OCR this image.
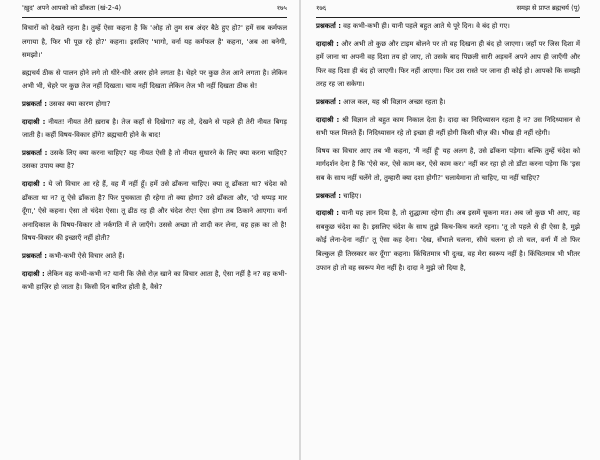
'ख़ुद' अपने आपको को ढाँकता (खं-2-4)	१७५

विचारों को देखते रहना है। तुम्हें ऐसा कहना है कि 'ओह तो तुम सब अंदर बैठे हुए हो?' हमें सब कर्मफल लगाया है, फिर भी पूछ रहे हो?' कहना। इसलिए 'भागो, वर्ना यह कर्मफल है' कहना, 'अब आ बनेगी, समझो।'

ब्रह्मचर्य ठीक से पालन होने लगे तो धीरे-धीरे असर होने लगता है। चेहरे पर कुछ तेज आने लगता है। लेकिन अभी भी, चेहरे पर कुछ तेज नहीं दिखता। चाय नहीं दिखता लेकिन तेज भी नहीं दिखता ठीक से!

प्रश्नकर्ता : उसका क्या कारण होगा?

दादाश्री : नीयत! नीयत तेरी ख़राब है। तेज कहाँ से दिखेगा? वह तो, देखने से पहले ही तेरी नीयत बिगड़ जाती है। कहीं विषय-विकार होंगे? ब्रह्मचारी होने के बाद!

प्रश्नकर्ता : उसके लिए क्या करना चाहिए? यह नीयत ऐसी है तो नीयत सुधारने के लिए क्या करना चाहिए? उसका उपाय क्या है?

दादाश्री : ये जो विचार आ रहे हैं, वह मैं नहीं हूँ। हमें उसे ढाँकना चाहिए। क्या तू ढाँकता था? चंदेश को ढाँकता था न? तू ऐसे ढाँकता है? फिर पुचकाता ही रहेगा तो क्या होगा? उसे ढाँकता और, 'दो थप्पड़ मार दूँगा,' ऐसे कहना। ऐसा तो चंदेश ऐसा। तू ढीठ रह ही और चंदेश रोए! ऐसा होगा तब ठिकाने आएगा। वर्ना अनादिकाल के विषय-विकार तो नर्कगति में ले जाएँगे। उससे अच्छा तो शादी कर लेना, वह हक़ का तो है! विषय-विकार की इच्छाएँ नहीं होती?

प्रश्नकर्ता : कभी-कभी ऐसे विचार आते हैं।

दादाश्री : लेकिन वह कभी-कभी न? यानी कि जैसे रोज़ खाने का विचार आता है, ऐसा नहीं है न? वह कभी-कभी हाज़िर हो जाता है। किसी दिन बारिश होती है, वैसे?

१७६	समझ से प्राप्त ब्रह्मचर्य (पू)

प्रश्नकर्ता : वह कभी-कभी ही। यानी पहले बहुत आते थे पूरे दिन। वे बंद हो गए।

दादाश्री : और अभी तो कुछ और टाइम बोलने पर तो वह दिखना ही बंद हो जाएगा। जहाँ पर जिस दिशा में हमें जाना था अपनी वह दिशा तय हो जाए, तो उसके बाद पिछली सारी अड़चनें अपने आप ही जाएँगी और फिर वह दिशा ही बंद हो जाएगी। फिर नहीं आएगा। फिर उस रास्ते पर जाना ही कोई हो। आपको कि समझी तरह रह जा सकेगा।

प्रश्नकर्ता : आज कल, यह श्री विज्ञान अच्छा रहता है।

दादाश्री : श्री विज्ञान तो बहुत काम निकाल देता है। दादा का निदिध्यासन रहता है न? उस निदिध्यासन से सभी फल मिलते हैं। निदिध्यासन रहे तो इच्छा ही नहीं होगी किसी चीज़ की। भीख ही नहीं रहेगी।

विषय का विचार आए तब भी कहना, 'मैं नहीं हूँ' यह अलग है, उसे ढाँकना पड़ेगा। बल्कि तुम्हें चंदेश को मार्गदर्शन देना है कि 'ऐसे कर, ऐसे काम कर, ऐसे काम कर।' नहीं कर रहा हो तो डाँटा करना पड़ेगा कि 'इस सब के साथ नहीं चलेंगे तो, तुम्हारी क्या दशा होगी?' चलायेमाना तो चाहिए, या नहीं चाहिए?

प्रश्नकर्ता : चाहिए।

दादाश्री : यानी यह ज्ञान दिया है, तो शुद्धात्मा रहेगा ही। अब इसमें चूकना मत। अब जो कुछ भी आए, वह सबकुछ चंदेश का है। इसलिए चंदेश के साथ तुझे किच-किच करते रहना। 'तू तो पहले से ही ऐसा है, मुझे कोई लेना-देना नहीं।' तू ऐसा कह देना। 'देख, सँभाले चलना, सीधे चलना हो तो चल, वर्ना मैं तो फिर बिल्कुल ही तिरस्कार कर दूँगा' कहना। किंचितमात्र भी दुःख, वह मेरा स्वरूप नहीं है। किंचितमात्र भी भीतर उफान हो तो वह स्वरूप मेरा नहीं है। दादा ने मुझे जो दिया है,
